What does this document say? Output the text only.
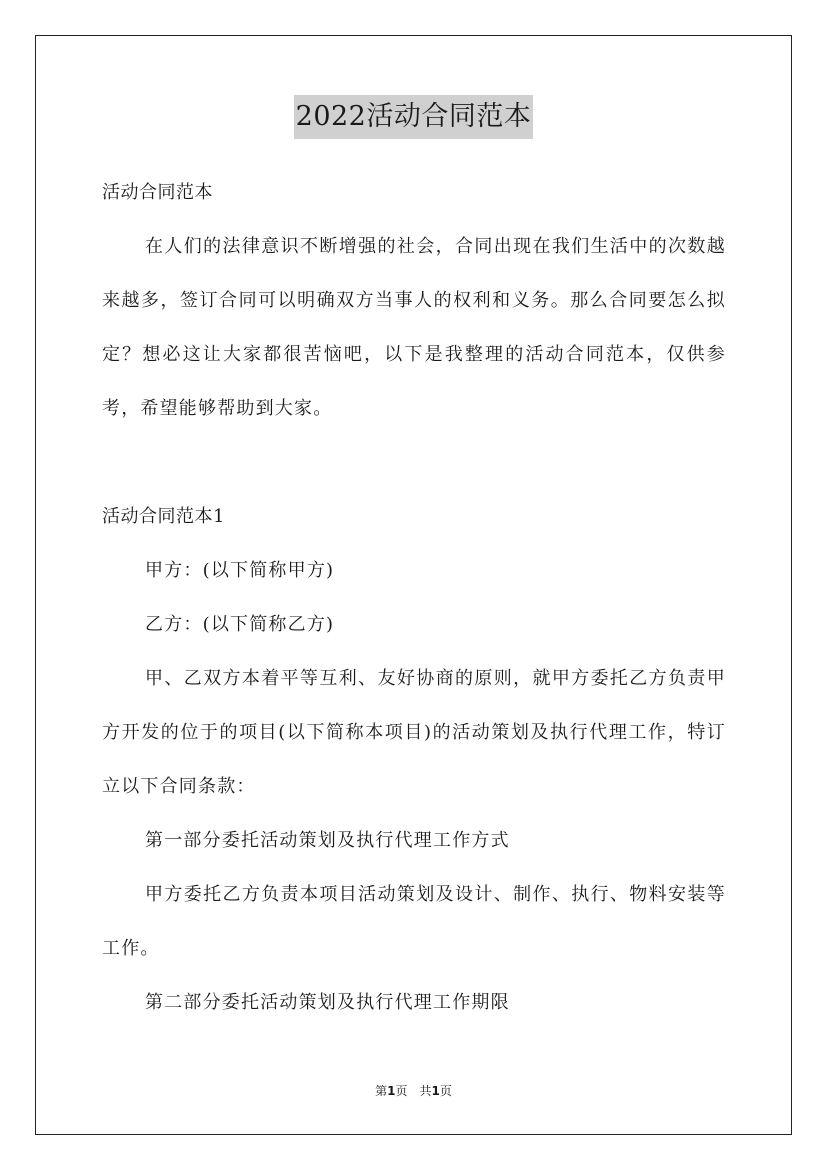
2022活动合同范本

活动合同范本

在人们的法律意识不断增强的社会，合同出现在我们生活中的次数越来越多，签订合同可以明确双方当事人的权利和义务。那么合同要怎么拟定？想必这让大家都很苦恼吧，以下是我整理的活动合同范本，仅供参考，希望能够帮助到大家。

活动合同范本1

甲方：(以下简称甲方)

乙方：(以下简称乙方)

甲、乙双方本着平等互利、友好协商的原则，就甲方委托乙方负责甲方开发的位于的项目(以下简称本项目)的活动策划及执行代理工作，特订立以下合同条款：

第一部分委托活动策划及执行代理工作方式

甲方委托乙方负责本项目活动策划及设计、制作、执行、物料安装等工作。

第二部分委托活动策划及执行代理工作期限

第1页　共1页
